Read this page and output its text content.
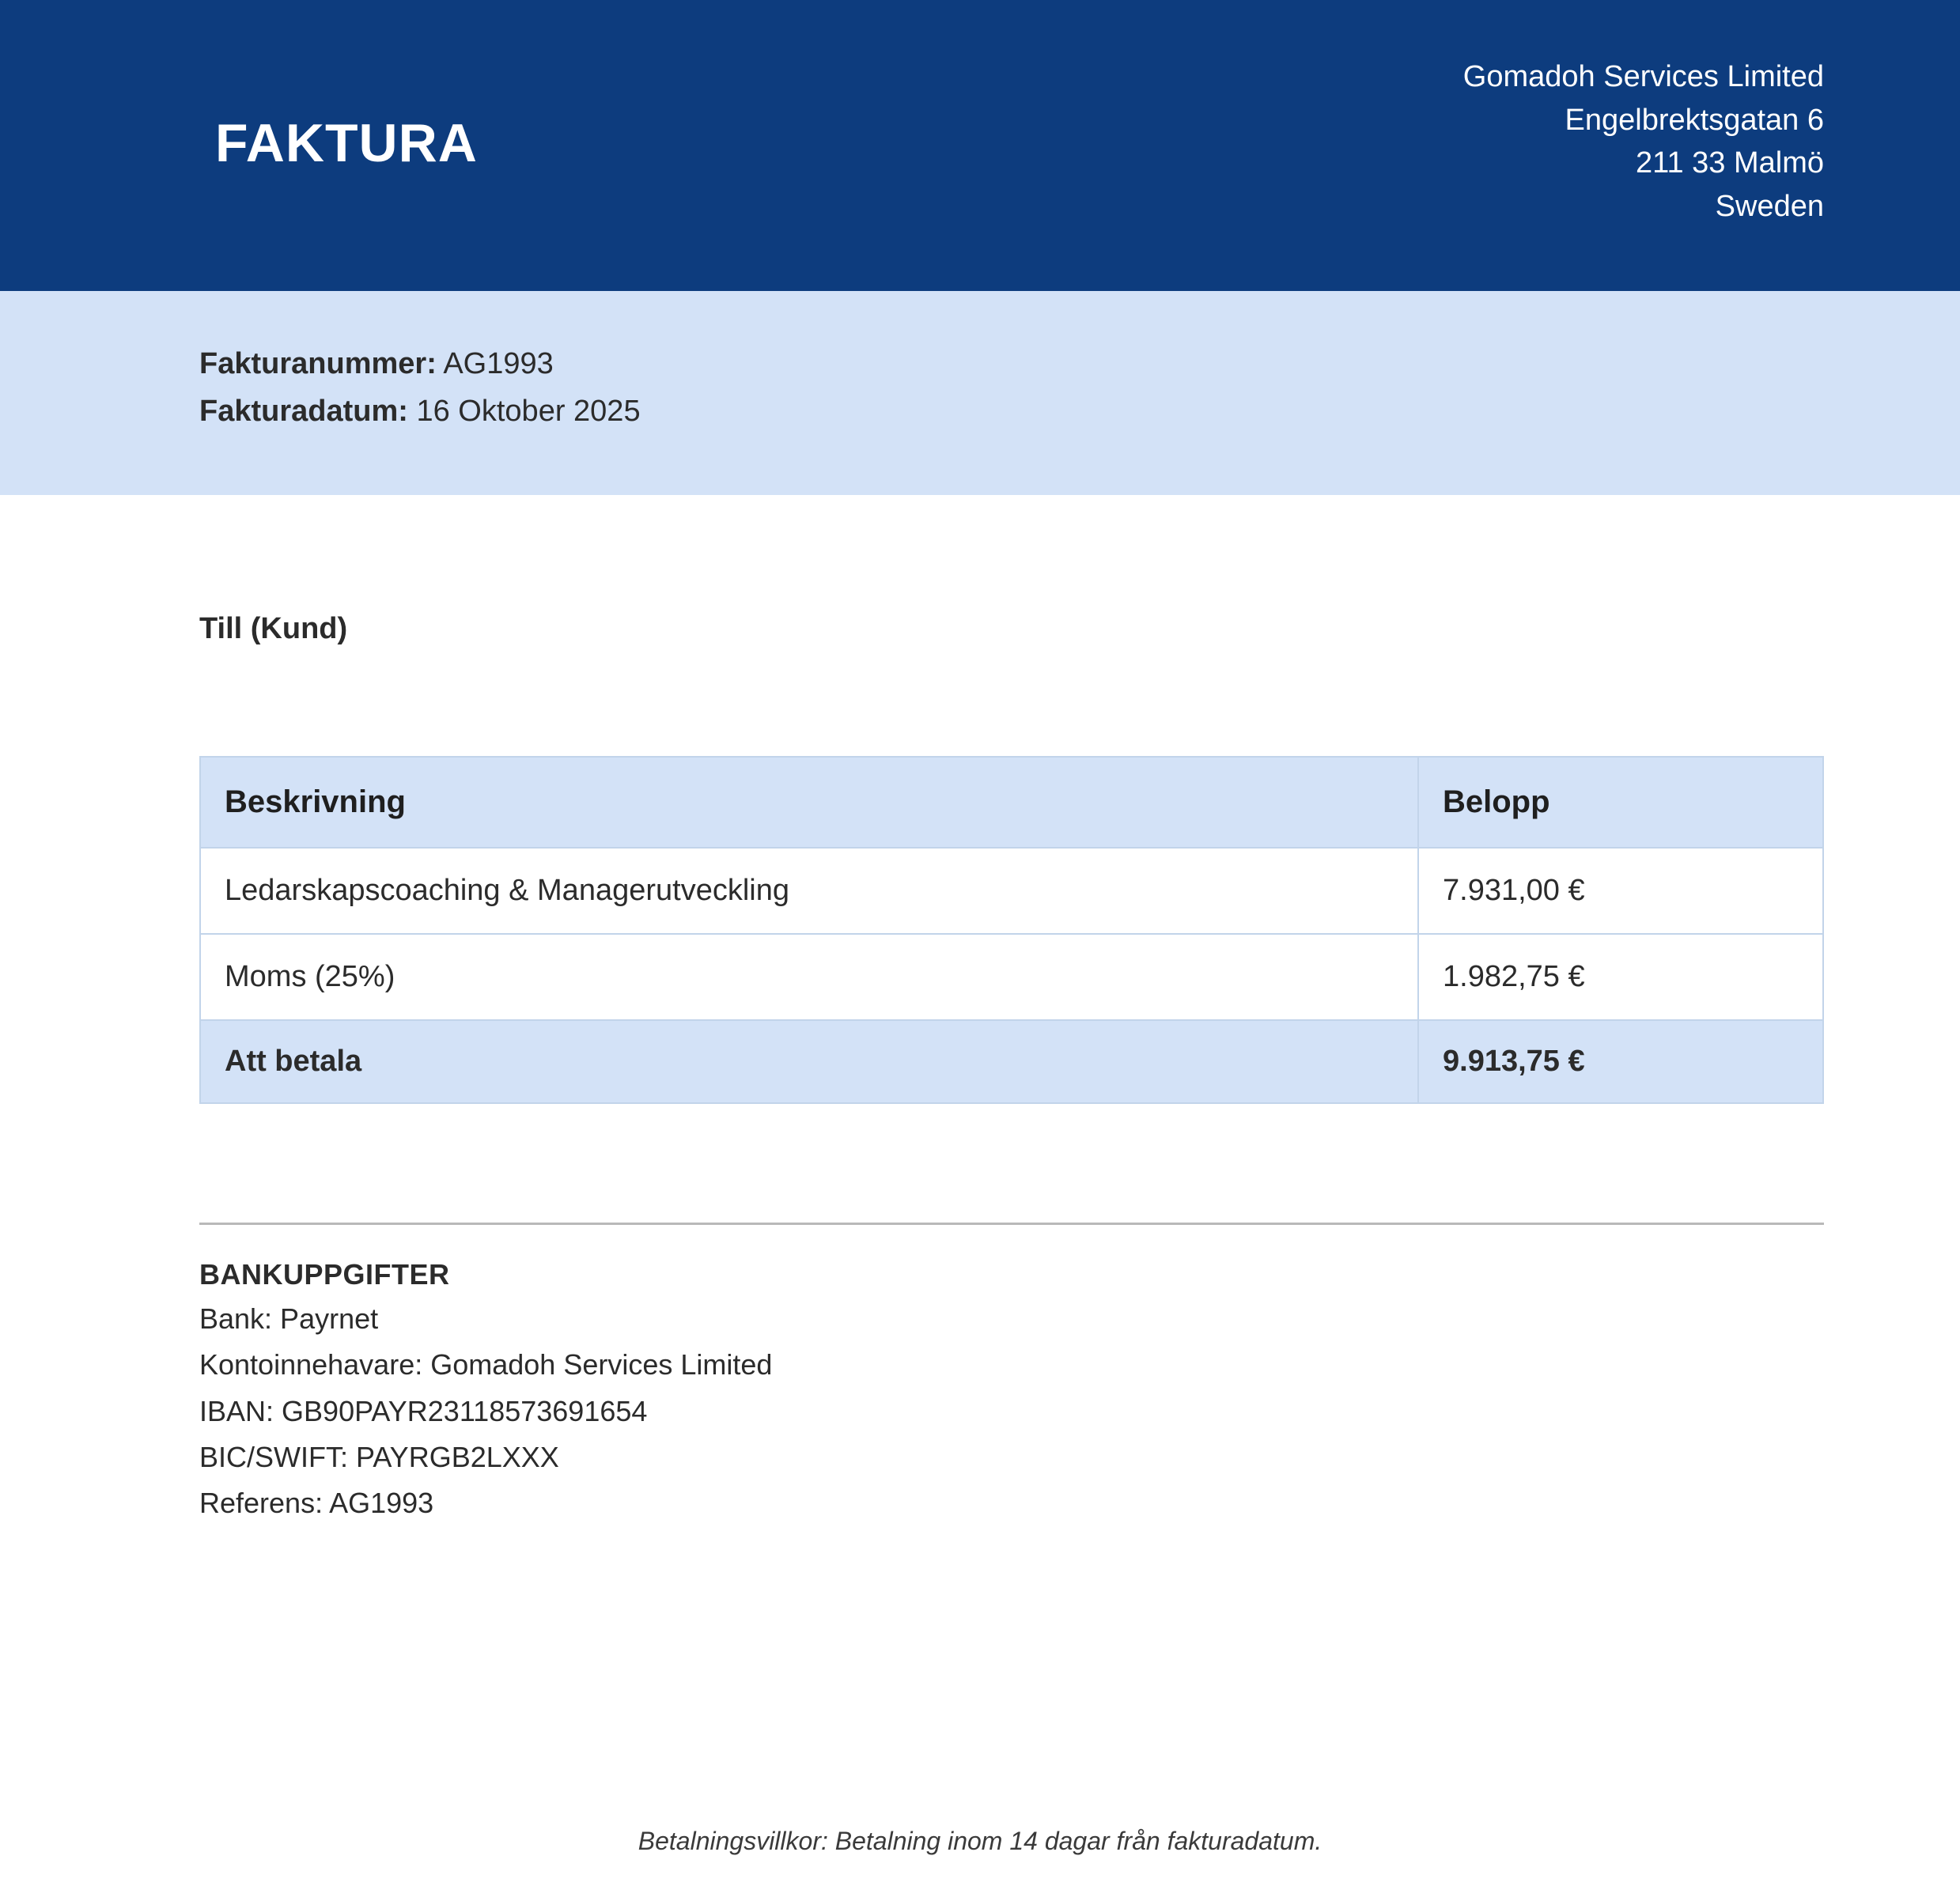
FAKTURA
Gomadoh Services Limited
Engelbrektsgatan 6
211 33 Malmö
Sweden
Fakturanummer: AG1993
Fakturadatum: 16 Oktober 2025
Till (Kund)
Beskrivning	Belopp
Ledarskapscoaching & Managerutveckling	7.931,00 €
Moms (25%)	1.982,75 €
Att betala	9.913,75 €
BANKUPPGIFTER
Bank: Payrnet
Kontoinnehavare: Gomadoh Services Limited
IBAN: GB90PAYR23118573691654
BIC/SWIFT: PAYRGB2LXXX
Referens: AG1993
Betalningsvillkor: Betalning inom 14 dagar från fakturadatum.
